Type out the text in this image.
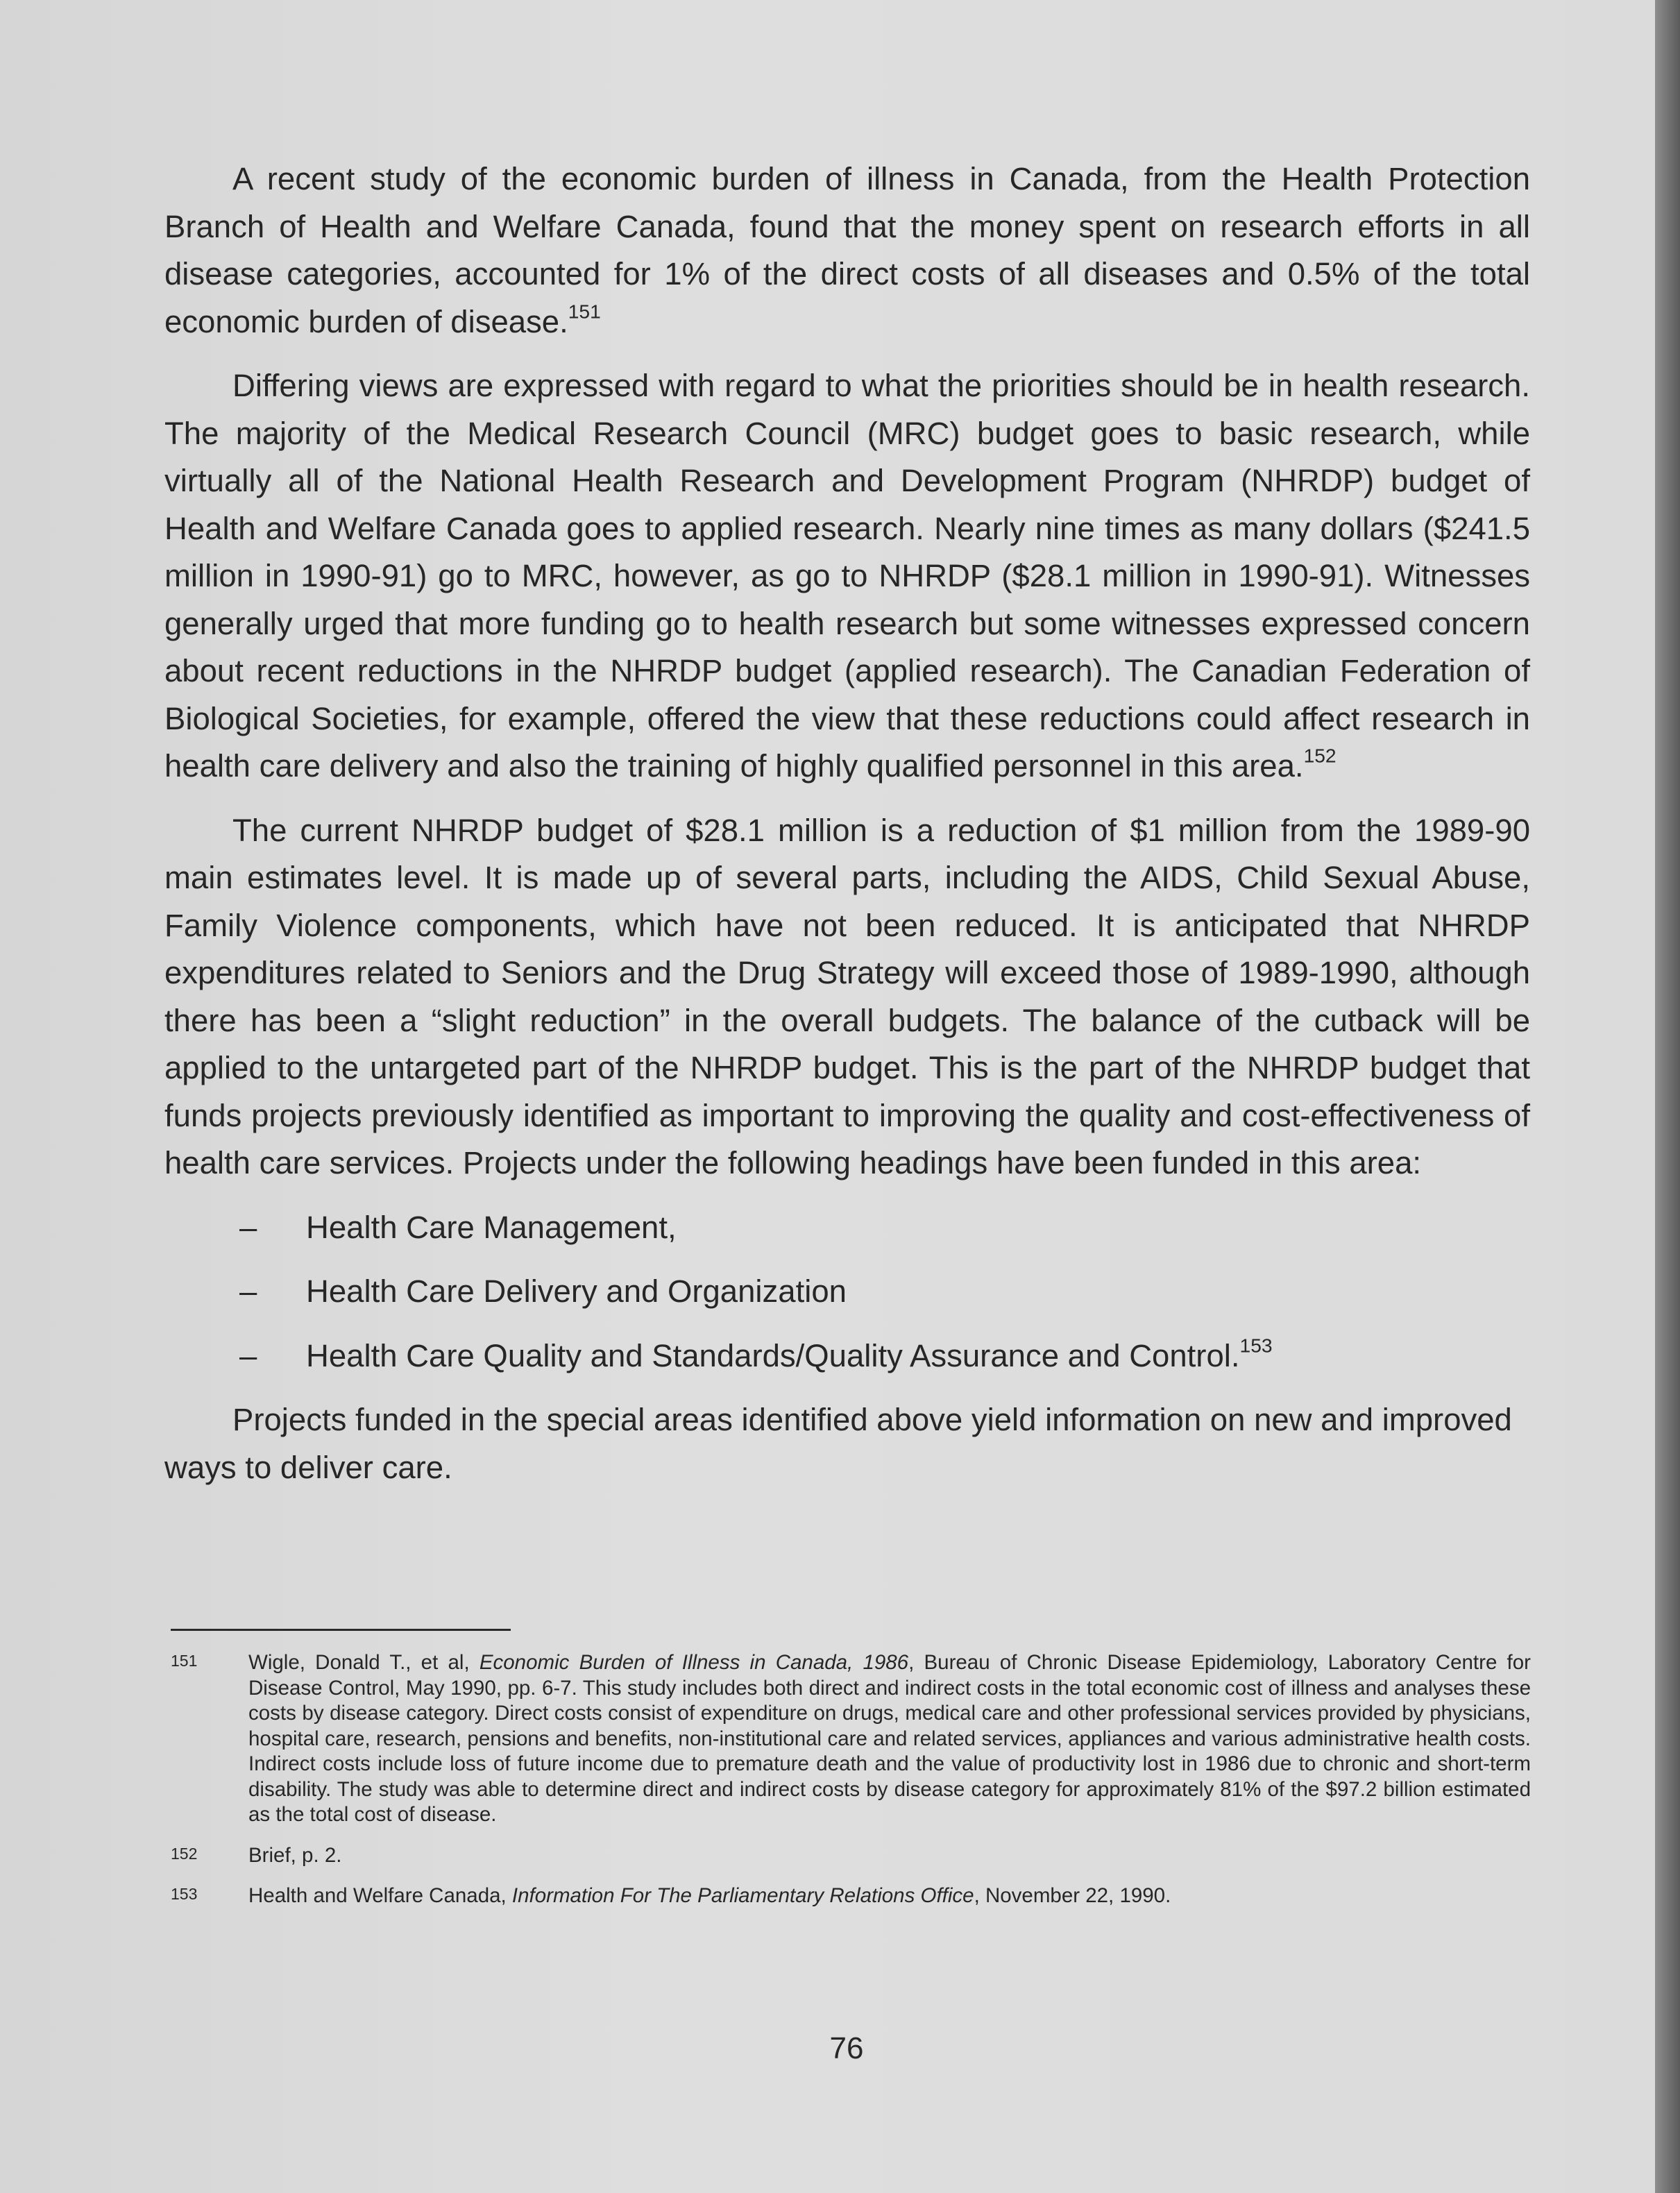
A recent study of the economic burden of illness in Canada, from the Health Protection Branch of Health and Welfare Canada, found that the money spent on research efforts in all disease categories, accounted for 1% of the direct costs of all diseases and 0.5% of the total economic burden of disease.$^{151}$

Differing views are expressed with regard to what the priorities should be in health research. The majority of the Medical Research Council (MRC) budget goes to basic research, while virtually all of the National Health Research and Development Program (NHRDP) budget of Health and Welfare Canada goes to applied research. Nearly nine times as many dollars ($241.5 million in 1990-91) go to MRC, however, as go to NHRDP ($28.1 million in 1990-91). Witnesses generally urged that more funding go to health research but some witnesses expressed concern about recent reductions in the NHRDP budget (applied research). The Canadian Federation of Biological Societies, for example, offered the view that these reductions could affect research in health care delivery and also the training of highly qualified personnel in this area.$^{152}$

The current NHRDP budget of $28.1 million is a reduction of $1 million from the 1989-90 main estimates level. It is made up of several parts, including the AIDS, Child Sexual Abuse, Family Violence components, which have not been reduced. It is anticipated that NHRDP expenditures related to Seniors and the Drug Strategy will exceed those of 1989-1990, although there has been a “slight reduction” in the overall budgets. The balance of the cutback will be applied to the untargeted part of the NHRDP budget. This is the part of the NHRDP budget that funds projects previously identified as important to improving the quality and cost-effectiveness of health care services. Projects under the following headings have been funded in this area:

–	Health Care Management,
–	Health Care Delivery and Organization
–	Health Care Quality and Standards/Quality Assurance and Control.$^{153}$

Projects funded in the special areas identified above yield information on new and improved ways to deliver care.

151	Wigle, Donald T., et al, Economic Burden of Illness in Canada, 1986, Bureau of Chronic Disease Epidemiology, Laboratory Centre for Disease Control, May 1990, pp. 6-7. This study includes both direct and indirect costs in the total economic cost of illness and analyses these costs by disease category. Direct costs consist of expenditure on drugs, medical care and other professional services provided by physicians, hospital care, research, pensions and benefits, non-institutional care and related services, appliances and various administrative health costs. Indirect costs include loss of future income due to premature death and the value of productivity lost in 1986 due to chronic and short-term disability. The study was able to determine direct and indirect costs by disease category for approximately 81% of the $97.2 billion estimated as the total cost of disease.
152	Brief, p. 2.
153	Health and Welfare Canada, Information For The Parliamentary Relations Office, November 22, 1990.
76
